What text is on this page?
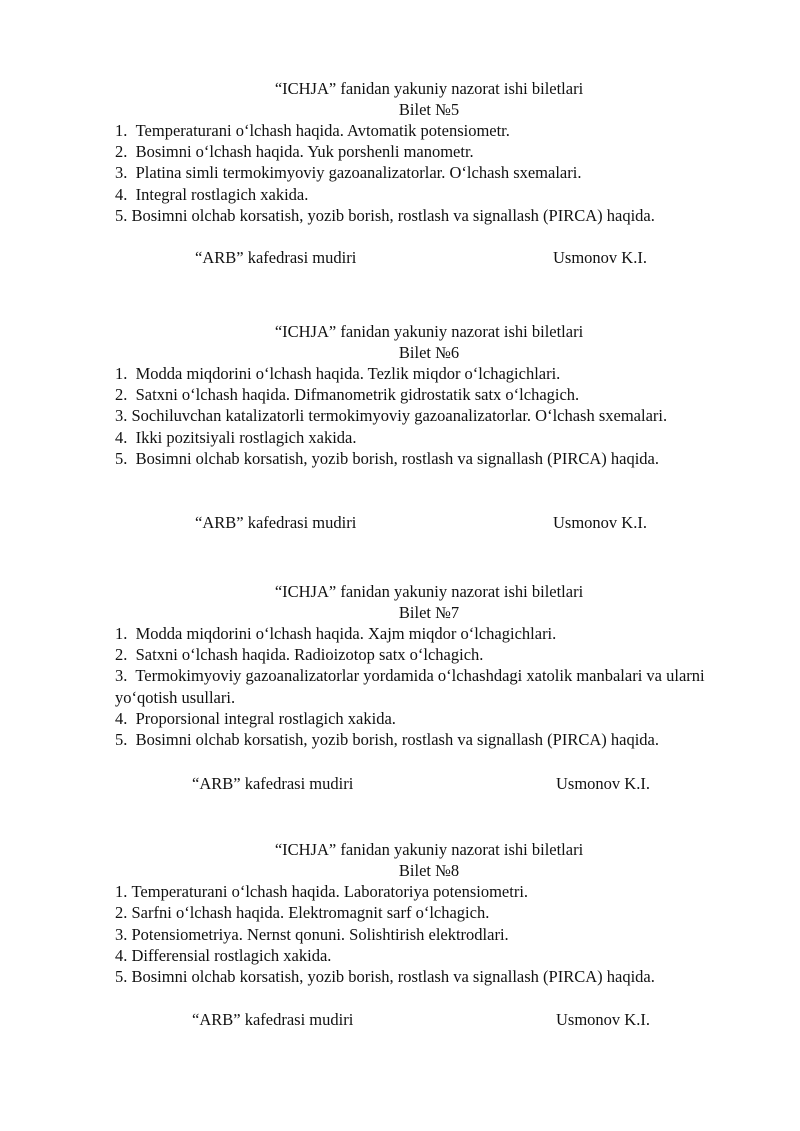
“ICHJA” fanidan yakuniy nazorat ishi biletlari
Bilet №5
1. Temperaturani o‘lchash haqida. Avtomatik potensiometr.
2. Bosimni o‘lchash haqida. Yuk porshenli manometr.
3. Platina simli termokimyoviy gazoanalizatorlar. O‘lchash sxemalari.
4. Integral rostlagich xakida.
5. Bosimni olchab korsatish, yozib borish, rostlash va signallash (PIRCA) haqida.
“ARB” kafedrasi mudiri	Usmonov K.I.
“ICHJA” fanidan yakuniy nazorat ishi biletlari
Bilet №6
1. Modda miqdorini o‘lchash haqida. Tezlik miqdor o‘lchagichlari.
2. Satxni o‘lchash haqida. Difmanometrik gidrostatik satx o‘lchagich.
3. Sochiluvchan katalizatorli termokimyoviy gazoanalizatorlar. O‘lchash sxemalari.
4. Ikki pozitsiyali rostlagich xakida.
5. Bosimni olchab korsatish, yozib borish, rostlash va signallash (PIRCA) haqida.
“ARB” kafedrasi mudiri	Usmonov K.I.
“ICHJA” fanidan yakuniy nazorat ishi biletlari
Bilet №7
1. Modda miqdorini o‘lchash haqida. Xajm miqdor o‘lchagichlari.
2. Satxni o‘lchash haqida. Radioizotop satx o‘lchagich.
3.  Termokimyoviy gazoanalizatorlar yordamida o‘lchashdagi xatolik manbalari va ularni yo‘qotish usullari.
4. Proporsional integral rostlagich xakida.
5. Bosimni olchab korsatish, yozib borish, rostlash va signallash (PIRCA) haqida.
“ARB” kafedrasi mudiri	Usmonov K.I.
“ICHJA” fanidan yakuniy nazorat ishi biletlari
Bilet №8
1. Temperaturani o‘lchash haqida. Laboratoriya potensiometri.
2. Sarfni o‘lchash haqida. Elektromagnit sarf o‘lchagich.
3. Potensiometriya. Nernst qonuni. Solishtirish elektrodlari.
4. Differensial rostlagich xakida.
5. Bosimni olchab korsatish, yozib borish, rostlash va signallash (PIRCA) haqida.
“ARB” kafedrasi mudiri	Usmonov K.I.
